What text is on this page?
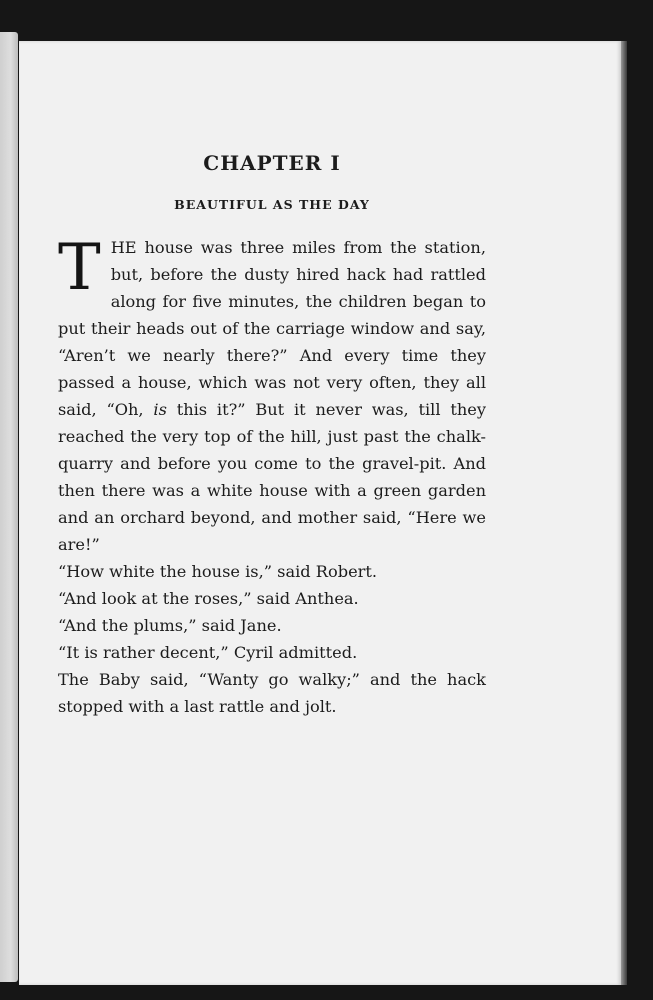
CHAPTER I
BEAUTIFUL AS THE DAY

THE house was three miles from the station, but, before the dusty hired hack had rattled along for five minutes, the children began to put their heads out of the carriage window and say, “Aren’t we nearly there?” And every time they passed a house, which was not very often, they all said, “Oh, is this it?” But it never was, till they reached the very top of the hill, just past the chalk-quarry and before you come to the gravel-pit. And then there was a white house with a green garden and an orchard beyond, and mother said, “Here we are!”

“How white the house is,” said Robert.

“And look at the roses,” said Anthea.

“And the plums,” said Jane.

“It is rather decent,” Cyril admitted.

The Baby said, “Wanty go walky;” and the hack stopped with a last rattle and jolt.
